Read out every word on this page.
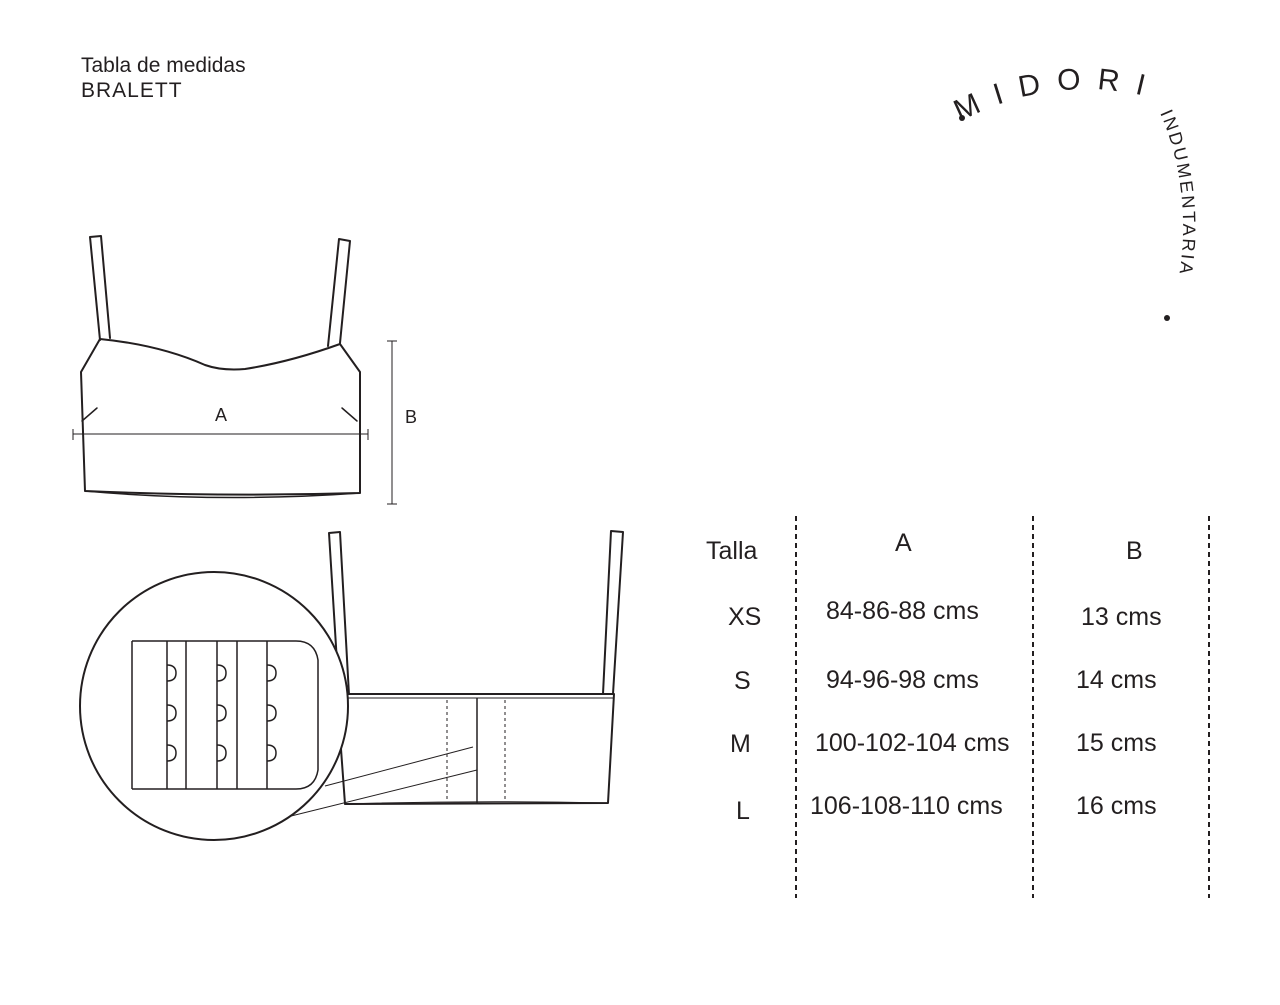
Tabla de medidas
BRALETT	MIDORI
INDUMENTARIA
A	B
Talla	A	B
XS	84-86-88 cms	13 cms
S	94-96-98 cms	14 cms
M	100-102-104 cms	15 cms
L 106-108-110 cms	16 cms
